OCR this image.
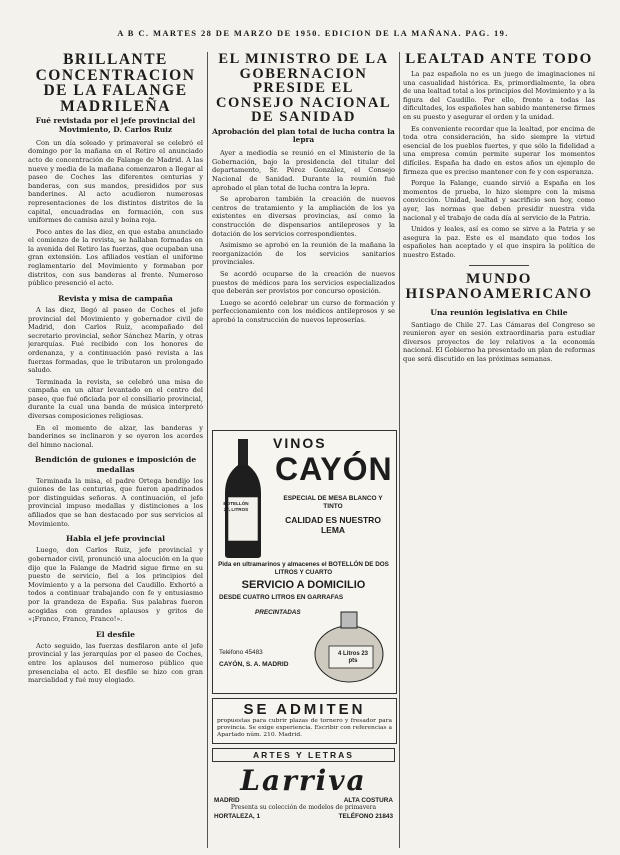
A B C. MARTES 28 DE MARZO DE 1950. EDICION DE LA MAÑANA. PAG. 19.
BRILLANTE CONCENTRACION DE LA FALANGE MADRILEÑA
Fué revistada por el jefe provincial del Movimiento, D. Carlos Ruiz

Con un día soleado y primaveral se celebró el domingo por la mañana en el Retiro el anunciado acto de concentración de Falange de Madrid. A las nueve y media de la mañana comenzaron a llegar al paseo de Coches las diferentes centurias y banderas, con sus mandos, presididos por sus banderines. Al acto acudieron numerosas representaciones de los distintos distritos de la capital, encuadradas en formación, con sus uniformes de camisa azul y boina roja.

Poco antes de las diez, en que estaba anunciado el comienzo de la revista, se hallaban formadas en la avenida del Retiro las fuerzas, que ocupaban una gran extensión. Los afiliados vestían el uniforme reglamentario del Movimiento y formaban por distritos, con sus banderas al frente. Numeroso público presenció el acto.

Revista y misa de campaña

A las diez, llegó al paseo de Coches el jefe provincial del Movimiento y gobernador civil de Madrid, don Carlos Ruiz, acompañado del secretario provincial, señor Sánchez Marín, y otras jerarquías. Fué recibido con los honores de ordenanza, y a continuación pasó revista a las fuerzas formadas, que le tributaron un prolongado saludo.

Terminada la revista, se celebró una misa de campaña en un altar levantado en el centro del paseo, que fué oficiada por el consiliario provincial, durante la cual una banda de música interpretó diversas composiciones religiosas.

En el momento de alzar, las banderas y banderines se inclinaron y se oyeron los acordes del himno nacional.

Bendición de guiones e imposición de medallas

Terminada la misa, el padre Ortega bendijo los guiones de las centurias, que fueron apadrinados por distinguidas señoras. A continuación, el jefe provincial impuso medallas y distinciones a los afiliados que se han destacado por sus servicios al Movimiento.

Habla el jefe provincial

Luego, don Carlos Ruiz, jefe provincial y gobernador civil, pronunció una alocución en la que dijo que la Falange de Madrid sigue firme en su puesto de servicio, fiel a los principios del Movimiento y a la persona del Caudillo. Exhortó a todos a continuar trabajando con fe y entusiasmo por la grandeza de España. Sus palabras fueron acogidas con grandes aplausos y gritos de «¡Franco, Franco, Franco!».

El desfile

Acto seguido, las fuerzas desfilaron ante el jefe provincial y las jerarquías por el paseo de Coches, entre los aplausos del numeroso público que presenciaba el acto. El desfile se hizo con gran marcialidad y fué muy elogiado.

EL MINISTRO DE LA GOBERNACION PRESIDE EL CONSEJO NACIONAL DE SANIDAD
Aprobación del plan total de lucha contra la lepra

Ayer a mediodía se reunió en el Ministerio de la Gobernación, bajo la presidencia del titular del departamento, Sr. Pérez González, el Consejo Nacional de Sanidad. Durante la reunión fué aprobado el plan total de lucha contra la lepra.

Se aprobaron también la creación de nuevos centros de tratamiento y la ampliación de los ya existentes en diversas provincias, así como la construcción de dispensarios antileprosos y la dotación de los servicios correspondientes.

Asimismo se aprobó en la reunión de la mañana la reorganización de los servicios sanitarios provinciales.

Se acordó ocuparse de la creación de nuevos puestos de médicos para los servicios especializados que deberán ser provistos por concurso oposición.

Luego se acordó celebrar un curso de formación y perfeccionamiento con los médicos antileprosos y se aprobó la construcción de nuevos leproserías.

BOTELLÓN 2¼ LITROS
VINOS
CAYÓN
ESPECIAL DE MESA BLANCO Y TINTO
CALIDAD ES NUESTRO LEMA
Pida en ultramarinos y almacenes el BOTELLÓN DE DOS LITROS Y CUARTO
SERVICIO A DOMICILIO
DESDE CUATRO LITROS EN GARRAFAS
PRECINTADAS
Teléfono 45483
CAYÓN, S. A. MADRID
4 Litros 23 pts
SE ADMITEN
propuestas para cubrir plazas de tornero y fresador para provincia. Se exige experiencia. Escribir con referencias a Apartado núm. 210. Madrid.
ARTES Y LETRAS
Larriva
MADRID	ALTA COSTURA
Presenta su colección de modelos de primavera
HORTALEZA, 1	TELÉFONO 21843
LEALTAD ANTE TODO

La paz española no es un juego de imaginaciones ni una casualidad histórica. Es, primordialmente, la obra de una lealtad total a los principios del Movimiento y a la figura del Caudillo. Por ello, frente a todas las dificultades, los españoles han sabido mantenerse firmes en su puesto y asegurar el orden y la unidad.

Es conveniente recordar que la lealtad, por encima de toda otra consideración, ha sido siempre la virtud esencial de los pueblos fuertes, y que sólo la fidelidad a una empresa común permite superar los momentos difíciles. España ha dado en estos años un ejemplo de firmeza que es preciso mantener con fe y con esperanza.

Porque la Falange, cuando sirvió a España en los momentos de prueba, lo hizo siempre con la misma convicción. Unidad, lealtad y sacrificio son hoy, como ayer, las normas que deben presidir nuestra vida nacional y el trabajo de cada día al servicio de la Patria.

Unidos y leales, así es como se sirve a la Patria y se asegura la paz. Este es el mandato que todos los españoles han aceptado y el que inspira la política de nuestro Estado.

MUNDO HISPANOAMERICANO
Una reunión legislativa en Chile

Santiago de Chile 27. Las Cámaras del Congreso se reunieron ayer en sesión extraordinaria para estudiar diversos proyectos de ley relativos a la economía nacional. El Gobierno ha presentado un plan de reformas que será discutido en las próximas semanas.
